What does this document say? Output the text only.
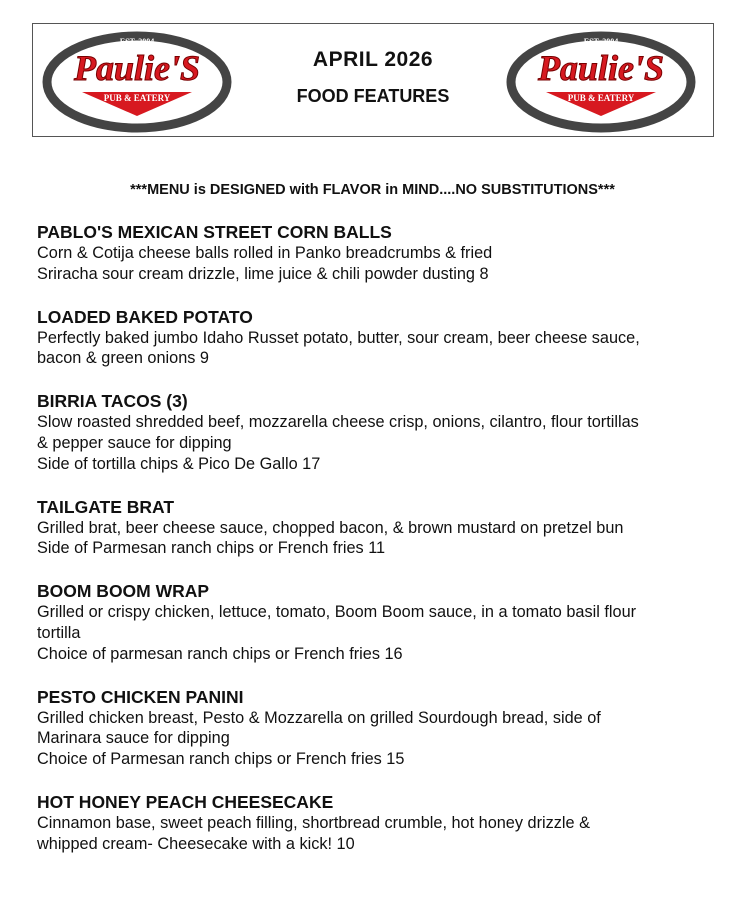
EST. 2004
Paulie'S
PUB & EATERY
APRIL 2026
FOOD FEATURES
EST. 2004
Paulie'S
PUB & EATERY
***MENU is DESIGNED with FLAVOR in MIND....NO SUBSTITUTIONS***
PABLO'S MEXICAN STREET CORN BALLS
Corn & Cotija cheese balls rolled in Panko breadcrumbs & fried
Sriracha sour cream drizzle, lime juice & chili powder dusting 8
LOADED BAKED POTATO
Perfectly baked jumbo Idaho Russet potato, butter, sour cream, beer cheese sauce,
bacon & green onions 9
BIRRIA TACOS (3)
Slow roasted shredded beef, mozzarella cheese crisp, onions, cilantro, flour tortillas
& pepper sauce for dipping
Side of tortilla chips & Pico De Gallo 17
TAILGATE BRAT
Grilled brat, beer cheese sauce, chopped bacon, & brown mustard on pretzel bun
Side of Parmesan ranch chips or French fries 11
BOOM BOOM WRAP
Grilled or crispy chicken, lettuce, tomato, Boom Boom sauce, in a tomato basil flour
tortilla
Choice of parmesan ranch chips or French fries 16
PESTO CHICKEN PANINI
Grilled chicken breast, Pesto & Mozzarella on grilled Sourdough bread, side of
Marinara sauce for dipping
Choice of Parmesan ranch chips or French fries 15
HOT HONEY PEACH CHEESECAKE
Cinnamon base, sweet peach filling, shortbread crumble, hot honey drizzle &
whipped cream- Cheesecake with a kick! 10
